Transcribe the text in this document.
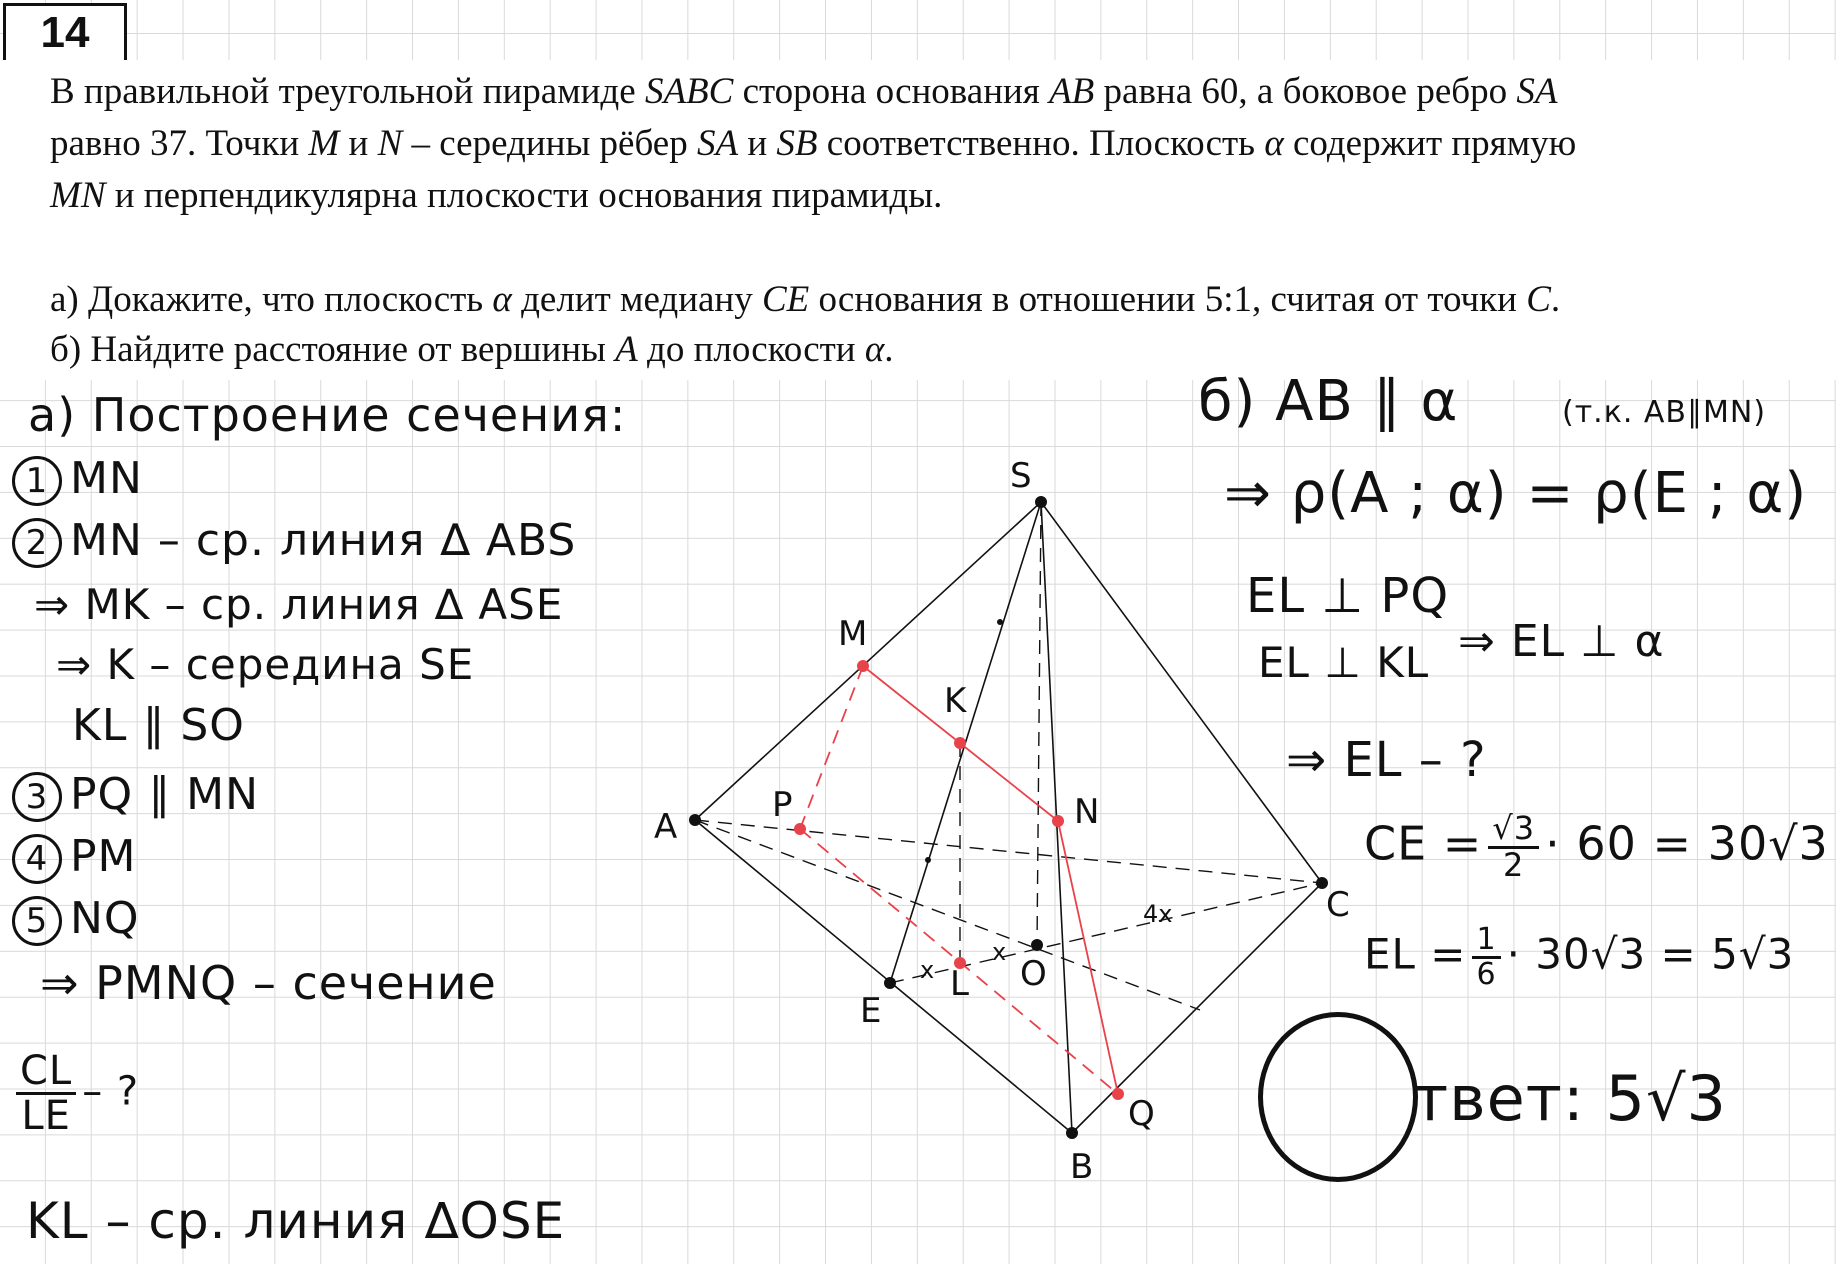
14
В правильной треугольной пирамиде SABC сторона основания AB равна 60, а боковое ребро SA
равно 37. Точки M и N – середины рёбер SA и SB соответственно. Плоскость α содержит прямую
MN и перпендикулярна плоскости основания пирамиды.
а) Докажите, что плоскость α делит медиану CE основания в отношении 5:1, считая от точки C.
б) Найдите расстояние от вершины A до плоскости α.
S
A
B
C
E
O
M
N
K
L
P
Q
x
x
4x
а) Построение сечения:
1 MN
2 MN – ср. линия ∆ ABS
⇒ MK – ср. линия ∆ ASE
⇒ K – середина SE
KL ∥ SO
3 PQ ∥ MN
4 PM
5 NQ
⇒ PMNQ – сечение
$\frac{CL}{LE}$ – ?
KL – ср. линия ∆OSE
б) AB ∥ α	(т.к. AB∥MN)
⇒ ρ(A ; α) = ρ(E ; α)
EL ⊥ PQ
EL ⊥ KL ⇒ EL ⊥ α
⇒ EL – ?
CE = $\frac{√3}{2} \cdot 60 = 30√3$
EL = $\frac{1}{6} \cdot 30√3 = 5√3$
твет: 5√3
